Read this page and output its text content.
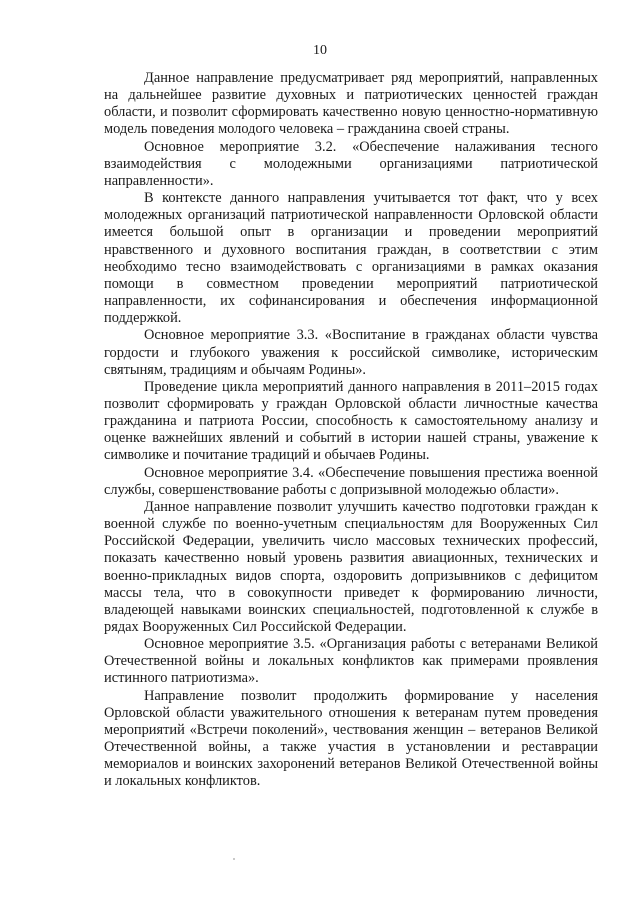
10

Данное направление предусматривает ряд мероприятий, направленных на дальнейшее развитие духовных и патриотических ценностей граждан области, и позволит сформировать качественно новую ценностно-нормативную модель поведения молодого человека – гражданина своей страны.

Основное мероприятие 3.2. «Обеспечение налаживания тесного взаимодействия с молодежными организациями патриотической направленности».

В контексте данного направления учитывается тот факт, что у всех молодежных организаций патриотической направленности Орловской области имеется большой опыт в организации и проведении мероприятий нравственного и духовного воспитания граждан, в соответствии с этим необходимо тесно взаимодействовать с организациями в рамках оказания помощи в совместном проведении мероприятий патриотической направленности, их софинансирования и обеспечения информационной поддержкой.

Основное мероприятие 3.3. «Воспитание в гражданах области чувства гордости и глубокого уважения к российской символике, историческим святыням, традициям и обычаям Родины».

Проведение цикла мероприятий данного направления в 2011–2015 годах позволит сформировать у граждан Орловской области личностные качества гражданина и патриота России, способность к самостоятельному анализу и оценке важнейших явлений и событий в истории нашей страны, уважение к символике и почитание традиций и обычаев Родины.

Основное мероприятие 3.4. «Обеспечение повышения престижа военной службы, совершенствование работы с допризывной молодежью области».

Данное направление позволит улучшить качество подготовки граждан к военной службе по военно-учетным специальностям для Вооруженных Сил Российской Федерации, увеличить число массовых технических профессий, показать качественно новый уровень развития авиационных, технических и военно-прикладных видов спорта, оздоровить допризывников с дефицитом массы тела, что в совокупности приведет к формированию личности, владеющей навыками воинских специальностей, подготовленной к службе в рядах Вооруженных Сил Российской Федерации.

Основное мероприятие 3.5. «Организация работы с ветеранами Великой Отечественной войны и локальных конфликтов как примерами проявления истинного патриотизма».

Направление позволит продолжить формирование у населения Орловской области уважительного отношения к ветеранам путем проведения мероприятий «Встречи поколений», чествования женщин – ветеранов Великой Отечественной войны, а также участия в установлении и реставрации мемориалов и воинских захоронений ветеранов Великой Отечественной войны и локальных конфликтов.
